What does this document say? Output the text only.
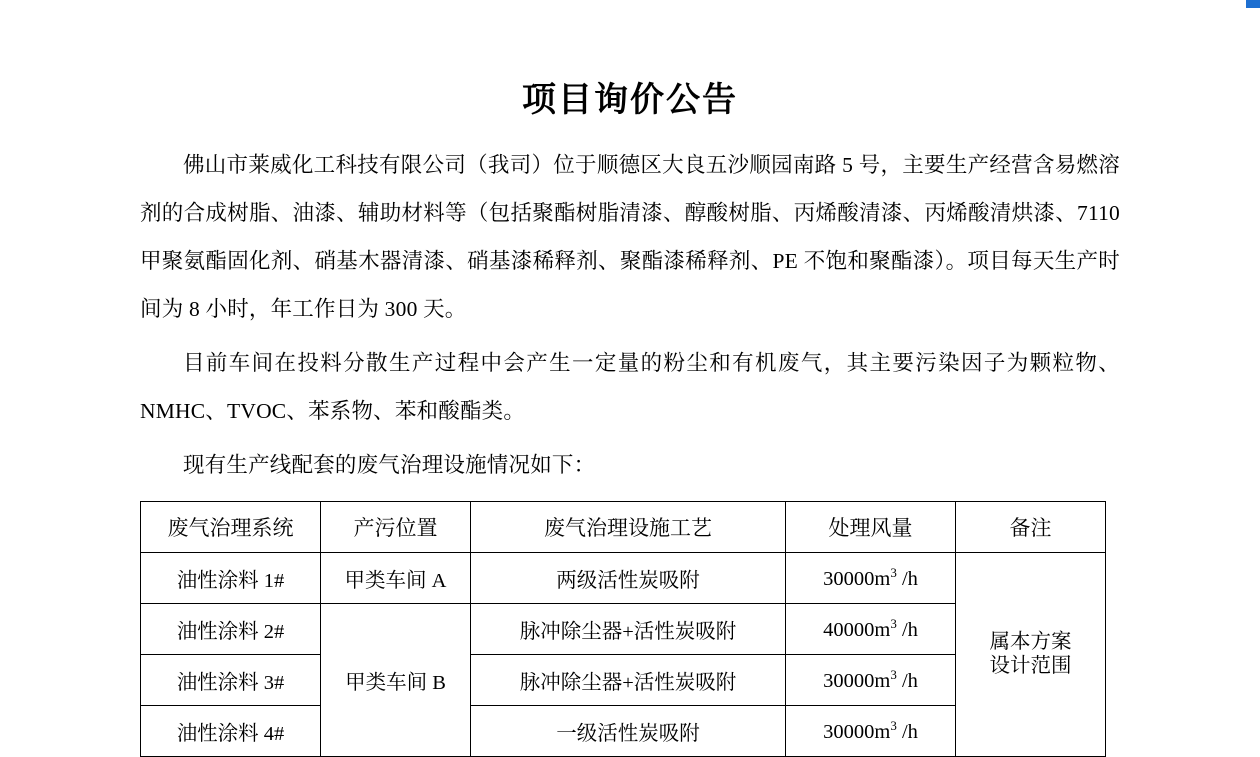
项目询价公告

佛山市莱威化工科技有限公司（我司）位于顺德区大良五沙顺园南路 5 号，主要生产经营含易燃溶剂的合成树脂、油漆、辅助材料等（包括聚酯树脂清漆、醇酸树脂、丙烯酸清漆、丙烯酸清烘漆、7110 甲聚氨酯固化剂、硝基木器清漆、硝基漆稀释剂、聚酯漆稀释剂、PE 不饱和聚酯漆）。项目每天生产时间为 8 小时，年工作日为 300 天。

目前车间在投料分散生产过程中会产生一定量的粉尘和有机废气，其主要污染因子为颗粒物、NMHC、TVOC、苯系物、苯和酸酯类。

现有生产线配套的废气治理设施情况如下：

废气治理系统	产污位置	废气治理设施工艺	处理风量	备注
油性涂料 1#	甲类车间 A	两级活性炭吸附	$30000m^3$ /h	属本方案
设计范围

油性涂料 2#	甲类车间 B	脉冲除尘器+活性炭吸附	$40000m^3$ /h	
油性涂料 3#		脉冲除尘器+活性炭吸附	$30000m^3$ /h	
油性涂料 4#		一级活性炭吸附	$30000m^3$ /h	
